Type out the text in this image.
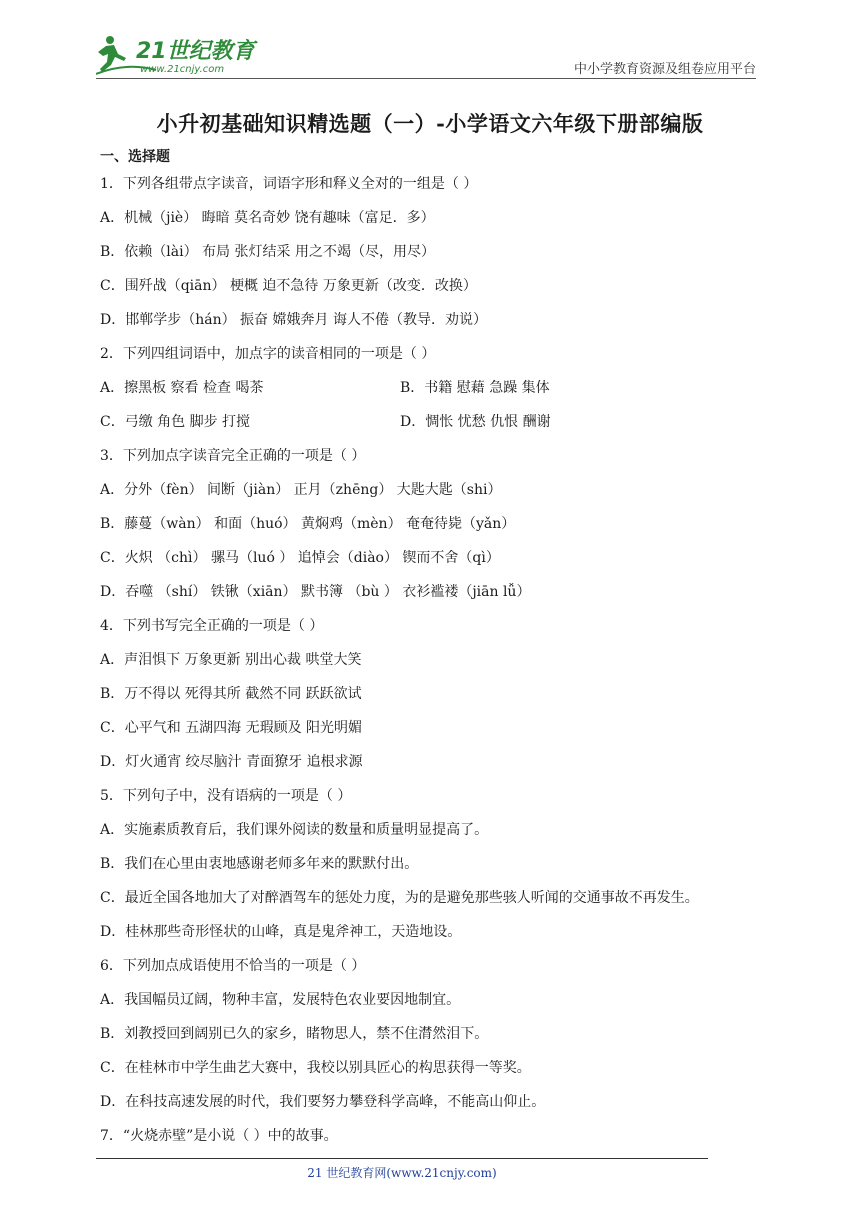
21世纪教育
www.21cnjy.com	中小学教育资源及组卷应用平台
小升初基础知识精选题（一）-小学语文六年级下册部编版
一、选择题
1．下列各组带点字读音，词语字形和释义全对的一组是（ ）
A．机械（jiè） 晦暗 莫名奇妙 饶有趣味（富足．多）
B．依赖（lài） 布局 张灯结采 用之不竭（尽，用尽）
C．围歼战（qiān） 梗概 迫不急待 万象更新（改变．改换）
D．邯郸学步（hán） 振奋 嫦娥奔月 诲人不倦（教导．劝说）
2．下列四组词语中，加点字的读音相同的一项是（ ）
A．擦黑板 察看 检查 喝茶	B．书籍 慰藉 急躁 集体
C．弓缴 角色 脚步 打搅	D．惆怅 忧愁 仇恨 酬谢
3．下列加点字读音完全正确的一项是（ ）
A．分外（fèn） 间断（jiàn） 正月（zhēng） 大匙大匙（shi）
B．藤蔓（wàn） 和面（huó） 黄焖鸡（mèn） 奄奄待毙（yǎn）
C．火炽 （chì） 骡马（luó ） 追悼会（diào） 锲而不舍（qì）
D．吞噬 （shí） 铁锹（xiān） 默书簿 （bù ） 衣衫褴褛（jiān lǚ）
4．下列书写完全正确的一项是（ ）
A．声泪惧下 万象更新 别出心裁 哄堂大笑
B．万不得以 死得其所 截然不同 跃跃欲试
C．心平气和 五湖四海 无瑕顾及 阳光明媚
D．灯火通宵 绞尽脑汁 青面獠牙 追根求源
5．下列句子中，没有语病的一项是（ ）
A．实施素质教育后，我们课外阅读的数量和质量明显提高了。
B．我们在心里由衷地感谢老师多年来的默默付出。
C．最近全国各地加大了对醉酒驾车的惩处力度，为的是避免那些骇人听闻的交通事故不再发生。
D．桂林那些奇形怪状的山峰，真是鬼斧神工，天造地设。
6．下列加点成语使用不恰当的一项是（ ）
A．我国幅员辽阔，物种丰富，发展特色农业要因地制宜。
B．刘教授回到阔别已久的家乡，睹物思人，禁不住潸然泪下。
C．在桂林市中学生曲艺大赛中，我校以别具匠心的构思获得一等奖。
D．在科技高速发展的时代，我们要努力攀登科学高峰，不能高山仰止。
7．“火烧赤壁”是小说（ ）中的故事。
21 世纪教育网(www.21cnjy.com)
